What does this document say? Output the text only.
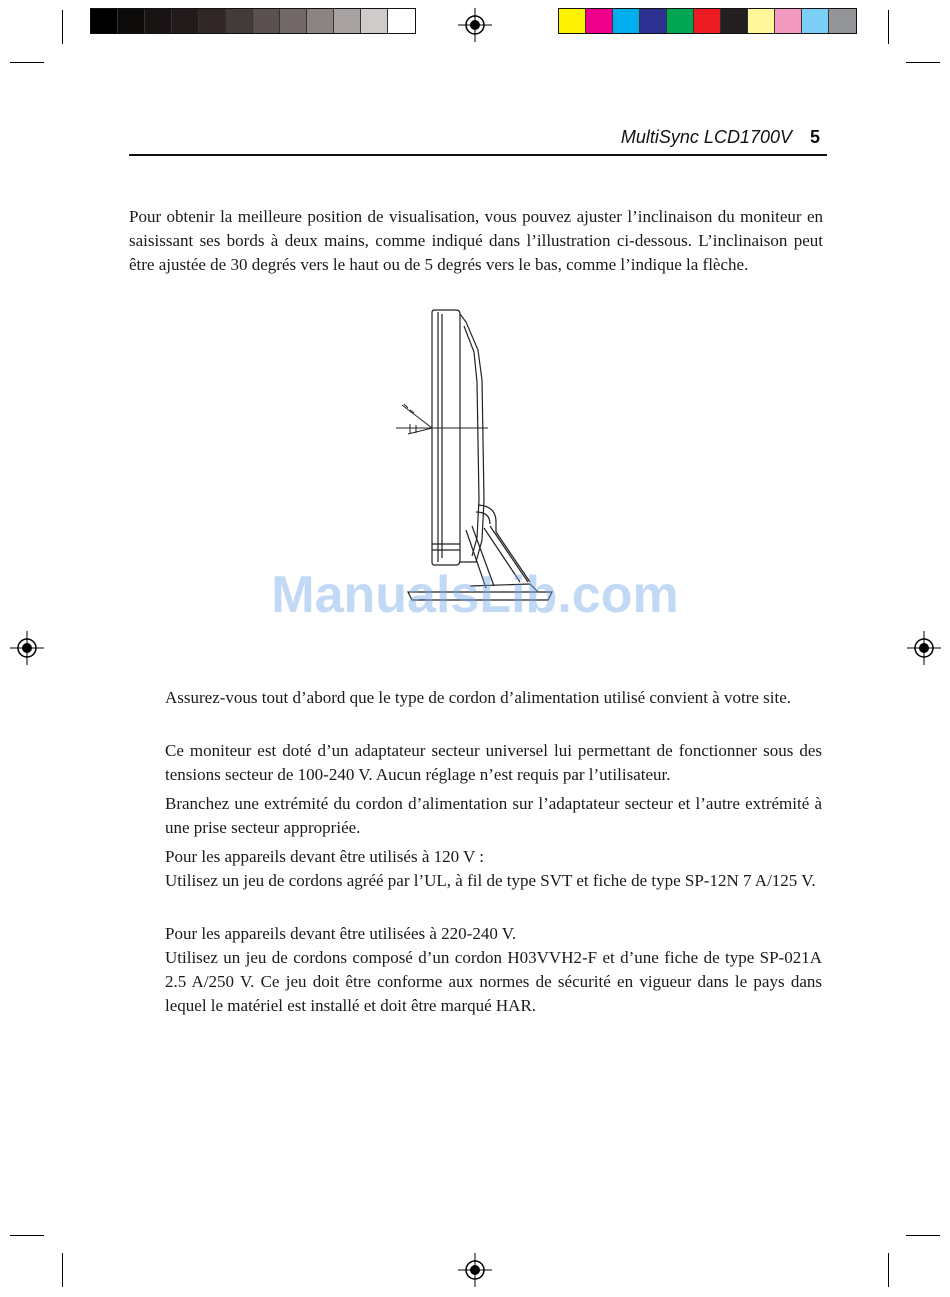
MultiSync LCD1700V 5

Pour obtenir la meilleure position de visualisation, vous pouvez ajuster l’inclinaison du moniteur en saisissant ses bords à deux mains, comme indiqué dans l’illustration ci-dessous. L’inclinaison peut être ajustée de 30 degrés vers le haut ou de 5 degrés vers le bas, comme l’indique la flèche.

ManualsLib.com

Assurez-vous tout d’abord que le type de cordon d’alimentation utilisé convient à votre site.

Ce moniteur est doté d’un adaptateur secteur universel lui permettant de fonctionner sous des tensions secteur de 100-240 V. Aucun réglage n’est requis par l’utilisateur.

Branchez une extrémité du cordon d’alimentation sur l’adaptateur secteur et l’autre extrémité à une prise secteur appropriée.

Pour les appareils devant être utilisés à 120 V :
Utilisez un jeu de cordons agréé par l’UL, à fil de type SVT et fiche de type SP-12N 7 A/125 V.

Pour les appareils devant être utilisées à 220-240 V.
Utilisez un jeu de cordons composé d’un cordon H03VVH2-F et d’une fiche de type SP-021A 2.5 A/250 V. Ce jeu doit être conforme aux normes de sécurité en vigueur dans le pays dans lequel le matériel est installé et doit être marqué HAR.
